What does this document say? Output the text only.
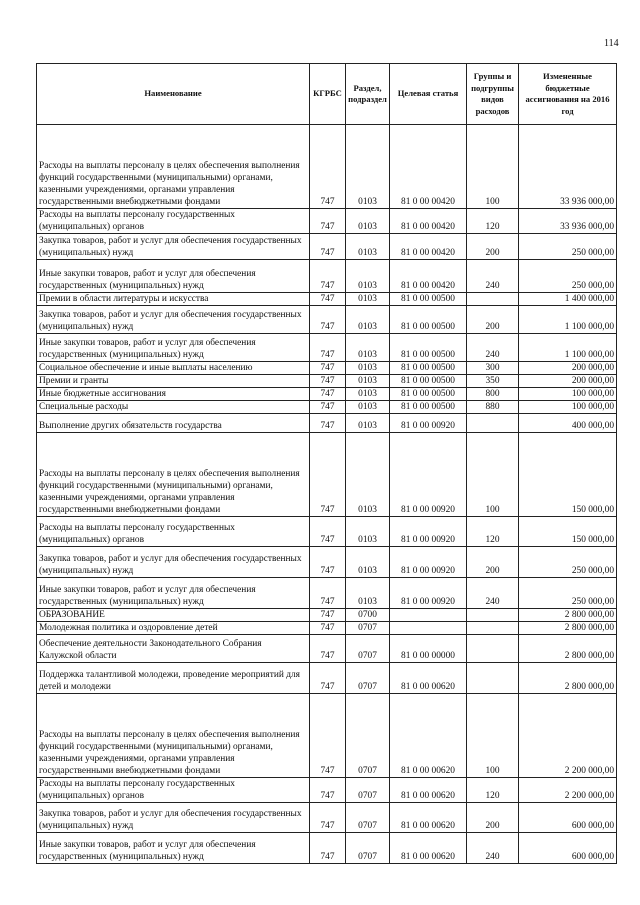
114
Наименование	КГРБС	Раздел, подраздел	Целевая статья	Группы и подгруппы видов расходов	Измененные бюджетные ассигнования на 2016 год
Расходы на выплаты персоналу в целях обеспечения выполнения функций государственными (муниципальными) органами, казенными учреждениями, органами управления государственными внебюджетными фондами	747	0103	81 0 00 00420	100	33 936 000,00
Расходы на выплаты персоналу государственных (муниципальных) органов	747	0103	81 0 00 00420	120	33 936 000,00
Закупка товаров, работ и услуг для обеспечения государственных (муниципальных) нужд	747	0103	81 0 00 00420	200	250 000,00
Иные закупки товаров, работ и услуг для обеспечения государственных (муниципальных) нужд	747	0103	81 0 00 00420	240	250 000,00
Премии в области литературы и искусства	747	0103	81 0 00 00500		1 400 000,00
Закупка товаров, работ и услуг для обеспечения государственных (муниципальных) нужд	747	0103	81 0 00 00500	200	1 100 000,00
Иные закупки товаров, работ и услуг для обеспечения государственных (муниципальных) нужд	747	0103	81 0 00 00500	240	1 100 000,00
Социальное обеспечение и иные выплаты населению	747	0103	81 0 00 00500	300	200 000,00
Премии и гранты	747	0103	81 0 00 00500	350	200 000,00
Иные бюджетные ассигнования	747	0103	81 0 00 00500	800	100 000,00
Специальные расходы	747	0103	81 0 00 00500	880	100 000,00
Выполнение других обязательств государства	747	0103	81 0 00 00920		400 000,00
Расходы на выплаты персоналу в целях обеспечения выполнения функций государственными (муниципальными) органами, казенными учреждениями, органами управления государственными внебюджетными фондами	747	0103	81 0 00 00920	100	150 000,00
Расходы на выплаты персоналу государственных (муниципальных) органов	747	0103	81 0 00 00920	120	150 000,00
Закупка товаров, работ и услуг для обеспечения государственных (муниципальных) нужд	747	0103	81 0 00 00920	200	250 000,00
Иные закупки товаров, работ и услуг для обеспечения государственных (муниципальных) нужд	747	0103	81 0 00 00920	240	250 000,00
ОБРАЗОВАНИЕ	747	0700			2 800 000,00
Молодежная политика и оздоровление детей	747	0707			2 800 000,00
Обеспечение деятельности Законодательного Собрания Калужской области	747	0707	81 0 00 00000		2 800 000,00
Поддержка талантливой молодежи, проведение мероприятий для детей и молодежи	747	0707	81 0 00 00620		2 800 000,00
Расходы на выплаты персоналу в целях обеспечения выполнения функций государственными (муниципальными) органами, казенными учреждениями, органами управления государственными внебюджетными фондами	747	0707	81 0 00 00620	100	2 200 000,00
Расходы на выплаты персоналу государственных (муниципальных) органов	747	0707	81 0 00 00620	120	2 200 000,00
Закупка товаров, работ и услуг для обеспечения государственных (муниципальных) нужд	747	0707	81 0 00 00620	200	600 000,00
Иные закупки товаров, работ и услуг для обеспечения государственных (муниципальных) нужд	747	0707	81 0 00 00620	240	600 000,00
